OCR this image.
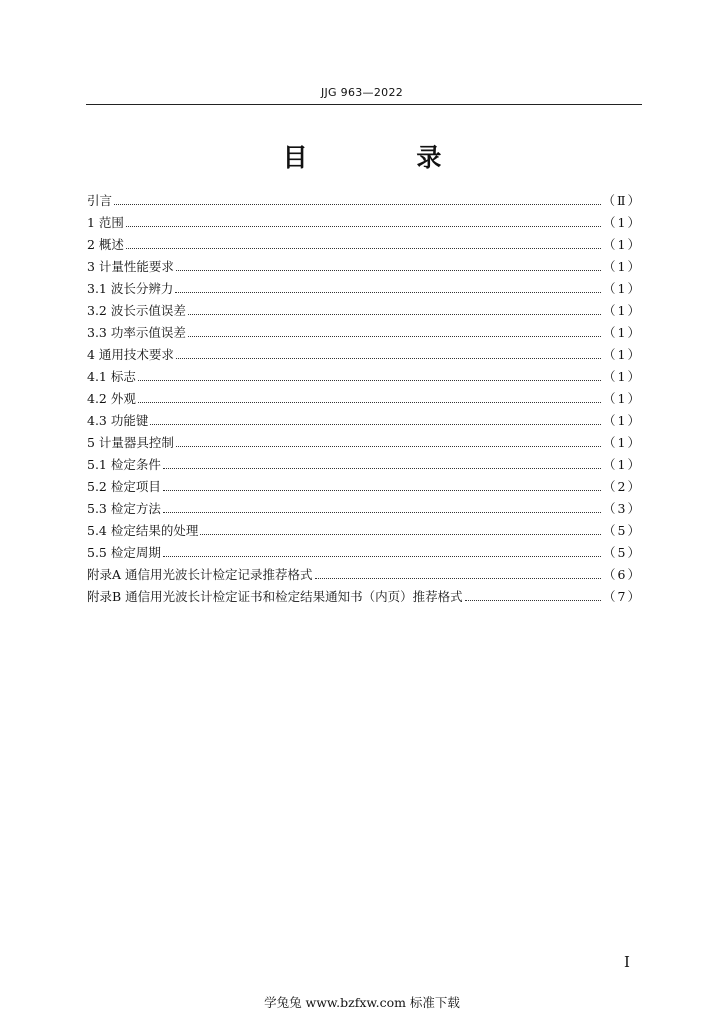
JJG 963—2022
目 录
引言	（Ⅱ）
1 范围	（1）
2 概述	（1）
3 计量性能要求	（1）
3.1 波长分辨力	（1）
3.2 波长示值误差	（1）
3.3 功率示值误差	（1）
4 通用技术要求	（1）
4.1 标志	（1）
4.2 外观	（1）
4.3 功能键	（1）
5 计量器具控制	（1）
5.1 检定条件	（1）
5.2 检定项目	（2）
5.3 检定方法	（3）
5.4 检定结果的处理	（5）
5.5 检定周期	（5）
附录A 通信用光波长计检定记录推荐格式	（6）
附录B 通信用光波长计检定证书和检定结果通知书（内页）推荐格式	（7）
I
学兔兔 www.bzfxw.com 标准下载
